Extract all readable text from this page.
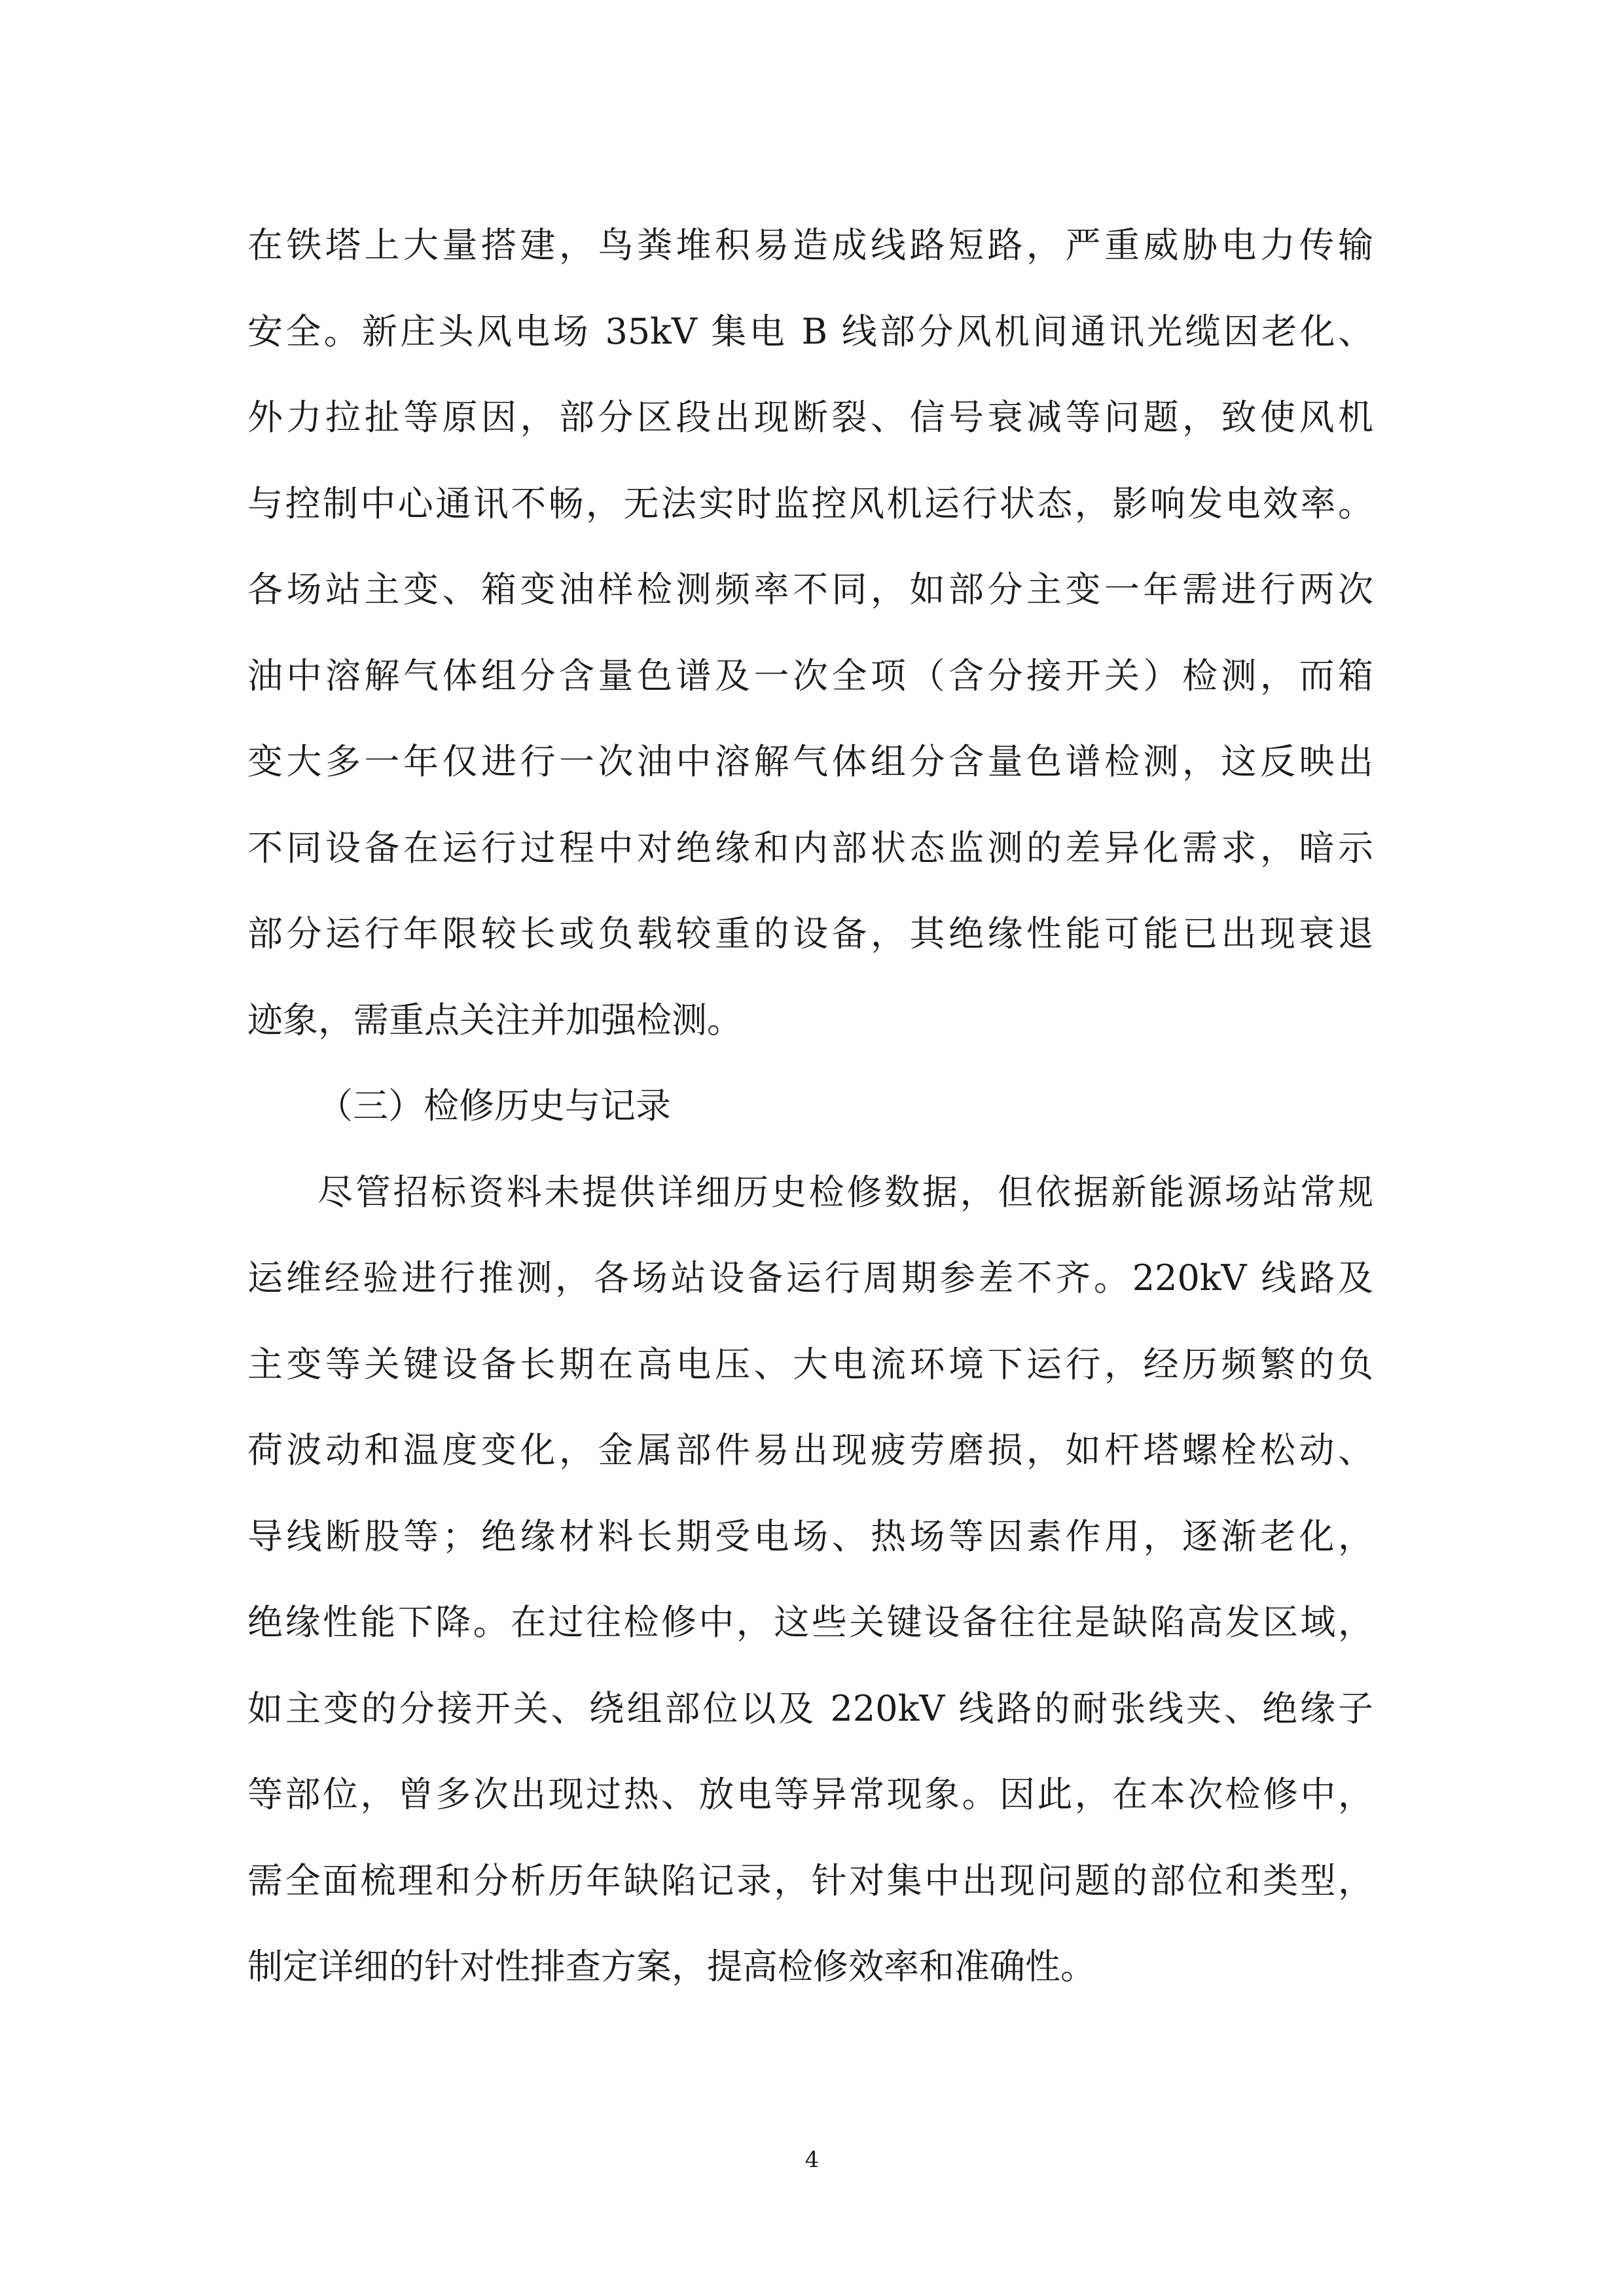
在铁塔上大量搭建，鸟粪堆积易造成线路短路，严重威胁电力传输
安全。新庄头风电场 35kV 集电 B 线部分风机间通讯光缆因老化、
外力拉扯等原因，部分区段出现断裂、信号衰减等问题，致使风机
与控制中心通讯不畅，无法实时监控风机运行状态，影响发电效率。
各场站主变、箱变油样检测频率不同，如部分主变一年需进行两次
油中溶解气体组分含量色谱及一次全项（含分接开关）检测，而箱
变大多一年仅进行一次油中溶解气体组分含量色谱检测，这反映出
不同设备在运行过程中对绝缘和内部状态监测的差异化需求，暗示
部分运行年限较长或负载较重的设备，其绝缘性能可能已出现衰退
迹象，需重点关注并加强检测。
（三）检修历史与记录
尽管招标资料未提供详细历史检修数据，但依据新能源场站常规
运维经验进行推测，各场站设备运行周期参差不齐。220kV 线路及
主变等关键设备长期在高电压、大电流环境下运行，经历频繁的负
荷波动和温度变化，金属部件易出现疲劳磨损，如杆塔螺栓松动、
导线断股等；绝缘材料长期受电场、热场等因素作用，逐渐老化，
绝缘性能下降。在过往检修中，这些关键设备往往是缺陷高发区域，
如主变的分接开关、绕组部位以及 220kV 线路的耐张线夹、绝缘子
等部位，曾多次出现过热、放电等异常现象。因此，在本次检修中，
需全面梳理和分析历年缺陷记录，针对集中出现问题的部位和类型，
制定详细的针对性排查方案，提高检修效率和准确性。
4
